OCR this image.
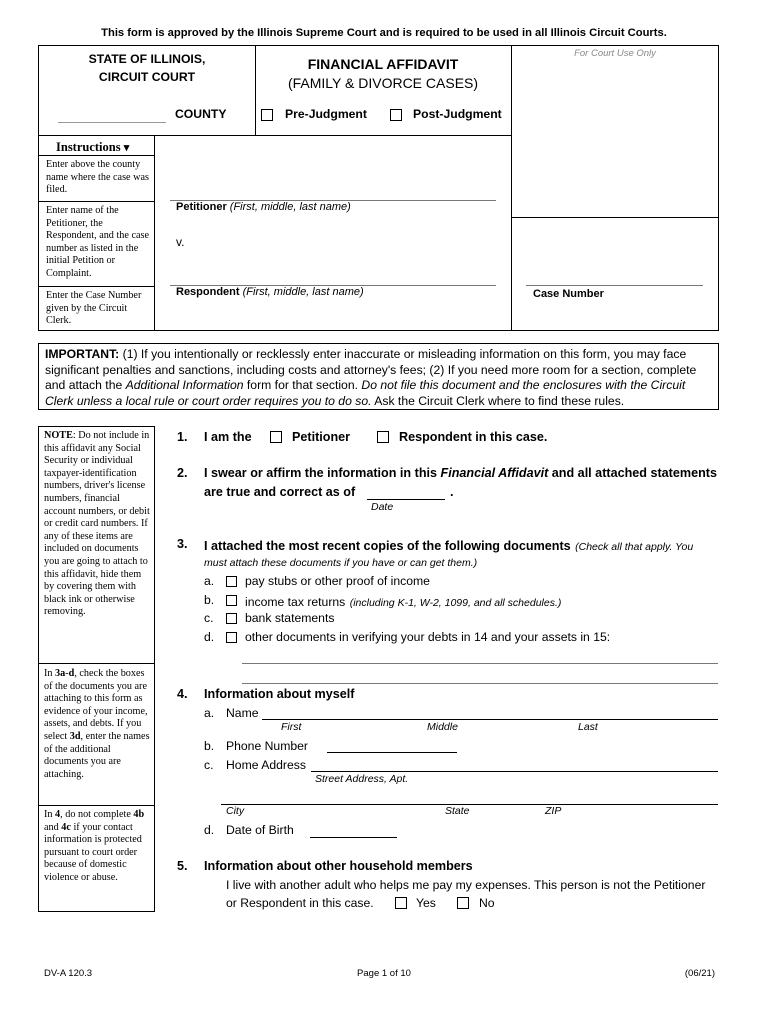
This form is approved by the Illinois Supreme Court and is required to be used in all Illinois Circuit Courts.
STATE OF ILLINOIS,
CIRCUIT COURT
COUNTY
FINANCIAL AFFIDAVIT
(FAMILY & DIVORCE CASES)
Pre-Judgment	Post-Judgment
For Court Use Only
Instructions ▾
Enter above the county name where the case was filed.
Enter name of the Petitioner, the Respondent, and the case number as listed in the initial Petition or Complaint.
Enter the Case Number given by the Circuit Clerk.
Petitioner (First, middle, last name)
v.
Respondent (First, middle, last name)	Case Number
IMPORTANT: (1) If you intentionally or recklessly enter inaccurate or misleading information on this form, you may face significant penalties and sanctions, including costs and attorney's fees; (2) If you need more room for a section, complete and attach the Additional Information form for that section. Do not file this document and the enclosures with the Circuit Clerk unless a local rule or court order requires you to do so. Ask the Circuit Clerk where to find these rules.
NOTE: Do not include in this affidavit any Social Security or individual taxpayer-identification numbers, driver's license numbers, financial account numbers, or debit or credit card numbers. If any of these items are included on documents you are going to attach to this affidavit, hide them by covering them with black ink or otherwise removing.
In 3a-d, check the boxes of the documents you are attaching to this form as evidence of your income, assets, and debts. If you select 3d, enter the names of the additional documents you are attaching.
In 4, do not complete 4b and 4c if your contact information is protected pursuant to court order because of domestic violence or abuse.
1. I am the	Petitioner	Respondent in this case.
2. I swear or affirm the information in this Financial Affidavit and all attached statements
are true and correct as of	.
Date
3. I attached the most recent copies of the following documents (Check all that apply. You
must attach these documents if you have or can get them.)
a.	pay stubs or other proof of income
b.	income tax returns (including K-1, W-2, 1099, and all schedules.)
c.	bank statements
d.	other documents in verifying your debts in 14 and your assets in 15:
4. Information about myself
a. Name
First	Middle	Last
b. Phone Number
c. Home Address
Street Address, Apt.
City	State	ZIP
d. Date of Birth
5. Information about other household members
I live with another adult who helps me pay my expenses. This person is not the Petitioner
or Respondent in this case.	Yes	No
DV-A 120.3	Page 1 of 10	(06/21)
